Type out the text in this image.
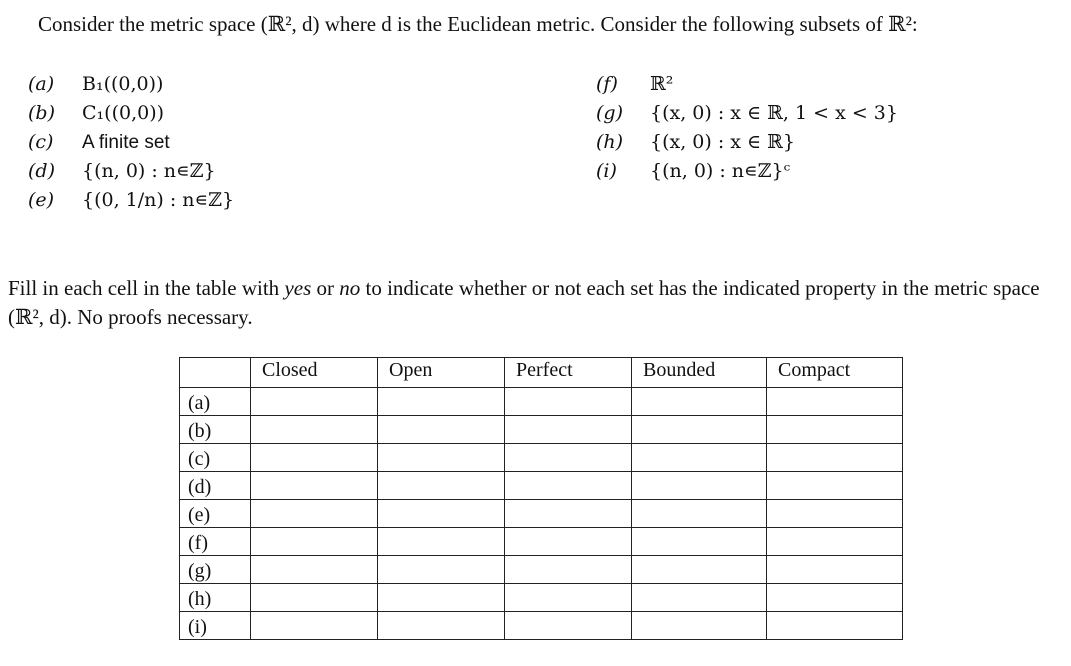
Consider the metric space (ℝ², d) where d is the Euclidean metric. Consider the following subsets of ℝ²:
(a) B₁((0,0))
(b) C₁((0,0))
(c) A finite set
(d) {(n, 0) : n∊ℤ}
(e) {(0, 1/n) : n∊ℤ}
(f) ℝ²
(g) {(x, 0) : x ∈ ℝ, 1 < x < 3}
(h) {(x, 0) : x ∈ ℝ}
(i) {(n, 0) : n∊ℤ}ᶜ
Fill in each cell in the table with yes or no to indicate whether or not each set has the indicated property in the metric space (ℝ², d). No proofs necessary.
	Closed	Open	Perfect	Bounded	Compact
(a)					
(b)					
(c)					
(d)					
(e)					
(f)					
(g)					
(h)					
(i)					
